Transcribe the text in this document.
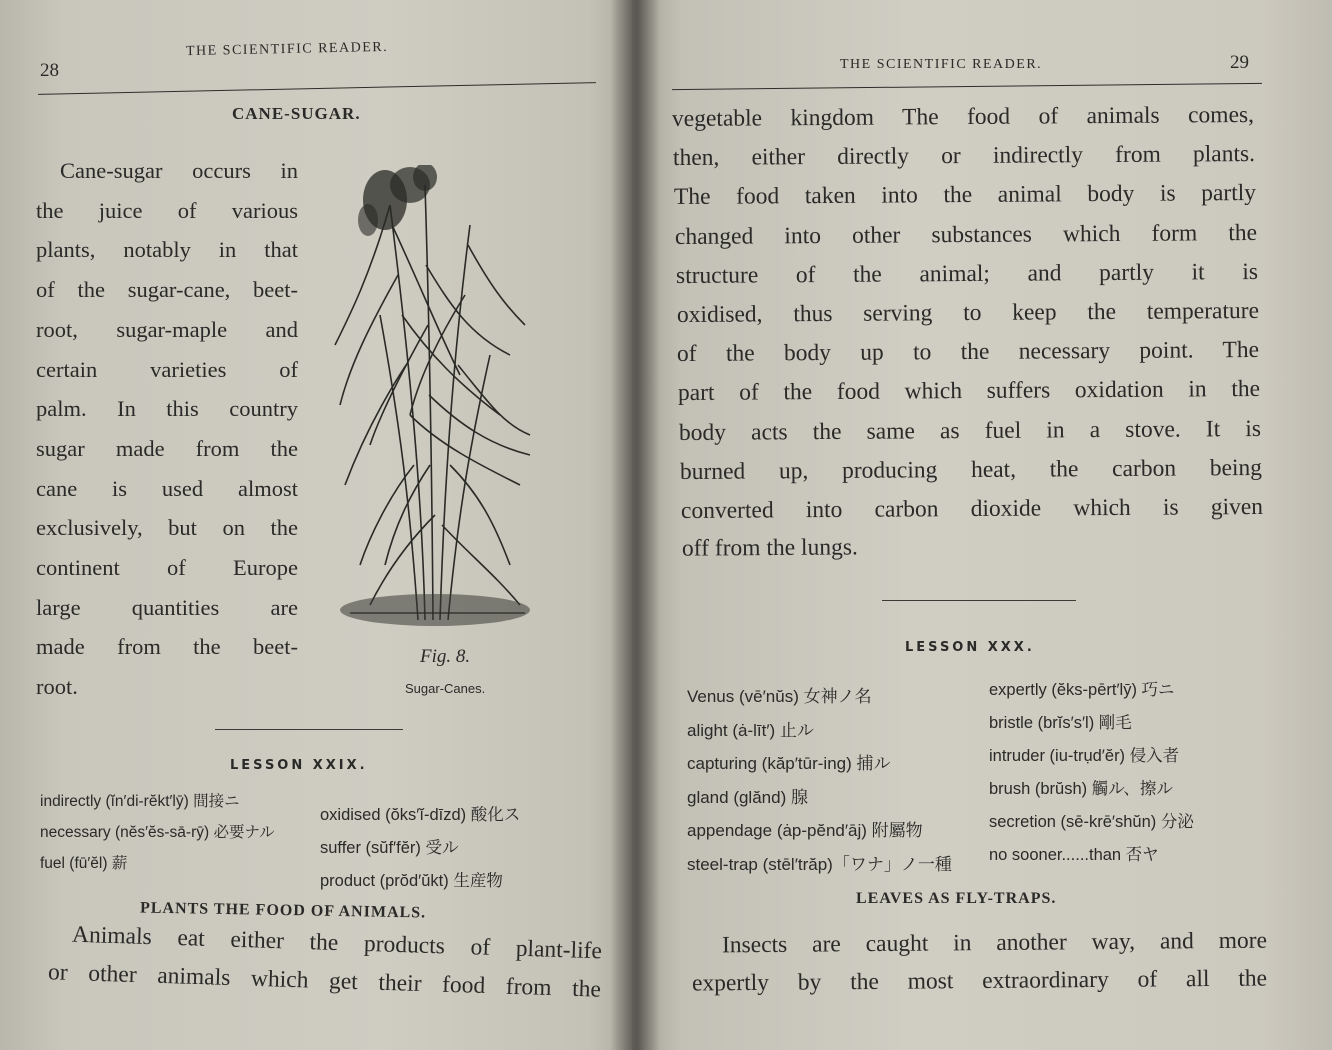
28
THE SCIENTIFIC READER.
CANE-SUGAR.
Cane-sugar occurs in
the juice of various
plants, notably in that
of the sugar-cane, beet-
root, sugar-maple and
certain varieties of
palm. In this country
sugar made from the
cane is used almost
exclusively, but on the
continent of Europe
large quantities are
made from the beet-
root.
Fig. 8.
Sugar-Canes.
LESSON XXIX.
indirectly (ĭn′di-rĕkt′lȳ) 間接ニ
necessary (nĕs′ĕs-sā-rȳ) 必要ナル
fuel (fū′ĕl) 薪
oxidised (ŏks′ĭ-dīzd) 酸化ス
suffer (sŭf′fĕr) 受ル
product (prŏd′ŭkt) 生産物
PLANTS THE FOOD OF ANIMALS.
Animals eat either the products of plant-life
or other animals which get their food from the
THE SCIENTIFIC READER.	29
vegetable kingdom The food of animals comes,
then, either directly or indirectly from plants.
The food taken into the animal body is partly
changed into other substances which form the
structure of the animal; and partly it is
oxidised, thus serving to keep the temperature
of the body up to the necessary point. The
part of the food which suffers oxidation in the
body acts the same as fuel in a stove. It is
burned up, producing heat, the carbon being
converted into carbon dioxide which is given
off from the lungs.
LESSON XXX.
Venus (vē′nŭs) 女神ノ名
alight (ȧ-līt′) 止ル
capturing (kăp′tūr-ing) 捕ル
gland (glănd) 腺
appendage (ȧp-pĕnd′āj) 附屬物
steel-trap (stēl′trăp)「ワナ」ノ一種
expertly (ĕks-pērt′lȳ) 巧ニ
bristle (brĭs′s′l) 剛毛
intruder (iu-trụd′ĕr) 侵入者
brush (brŭsh) 觸ル、擦ル
secretion (sē-krē′shŭn) 分泌
no sooner......than 否ヤ
LEAVES AS FLY-TRAPS.
Insects are caught in another way, and more
expertly by the most extraordinary of all the
